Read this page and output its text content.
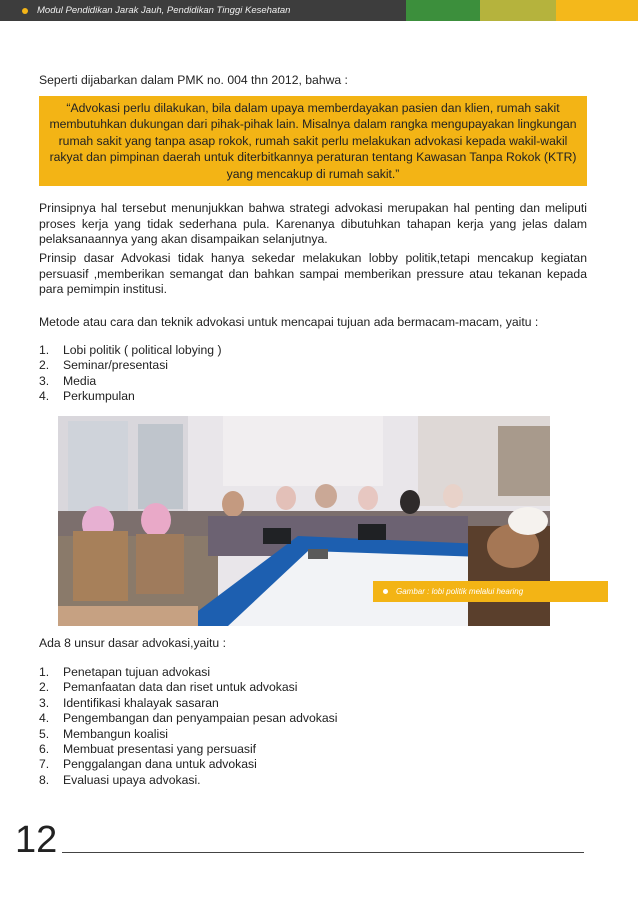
Modul Pendidikan Jarak Jauh, Pendidikan Tinggi Kesehatan

Seperti dijabarkan dalam PMK no. 004 thn 2012, bahwa :

“Advokasi perlu dilakukan, bila dalam upaya memberdayakan pasien dan klien, rumah sakit membutuhkan dukungan dari pihak-pihak lain. Misalnya dalam rangka mengupayakan lingkungan rumah sakit yang tanpa asap rokok, rumah sakit perlu melakukan advokasi kepada wakil-wakil rakyat dan pimpinan daerah untuk diterbitkannya peraturan tentang Kawasan Tanpa Rokok (KTR) yang mencakup di rumah sakit.”

Prinsipnya hal tersebut menunjukkan bahwa strategi advokasi merupakan hal penting dan meliputi proses kerja yang tidak sederhana pula. Karenanya dibutuhkan tahapan kerja yang jelas dalam pelaksanaannya yang akan disampaikan selanjutnya.

Prinsip dasar Advokasi tidak hanya sekedar melakukan lobby politik,tetapi mencakup kegiatan persuasif ,memberikan semangat dan bahkan sampai memberikan pressure atau tekanan kepada para pemimpin institusi.

Metode atau cara dan teknik advokasi untuk mencapai tujuan ada bermacam-macam, yaitu :

1.	Lobi politik ( political lobying )
2.	Seminar/presentasi
3.	Media
4.	Perkumpulan
Gambar : lobi politik melalui hearing

Ada 8 unsur dasar advokasi,yaitu :

1.	Penetapan tujuan advokasi
2.	Pemanfaatan data dan riset untuk advokasi
3.	Identifikasi khalayak sasaran
4.	Pengembangan dan penyampaian pesan advokasi
5.	Membangun koalisi
6.	Membuat presentasi yang persuasif
7.	Penggalangan dana untuk advokasi
8.	Evaluasi upaya advokasi.
12
